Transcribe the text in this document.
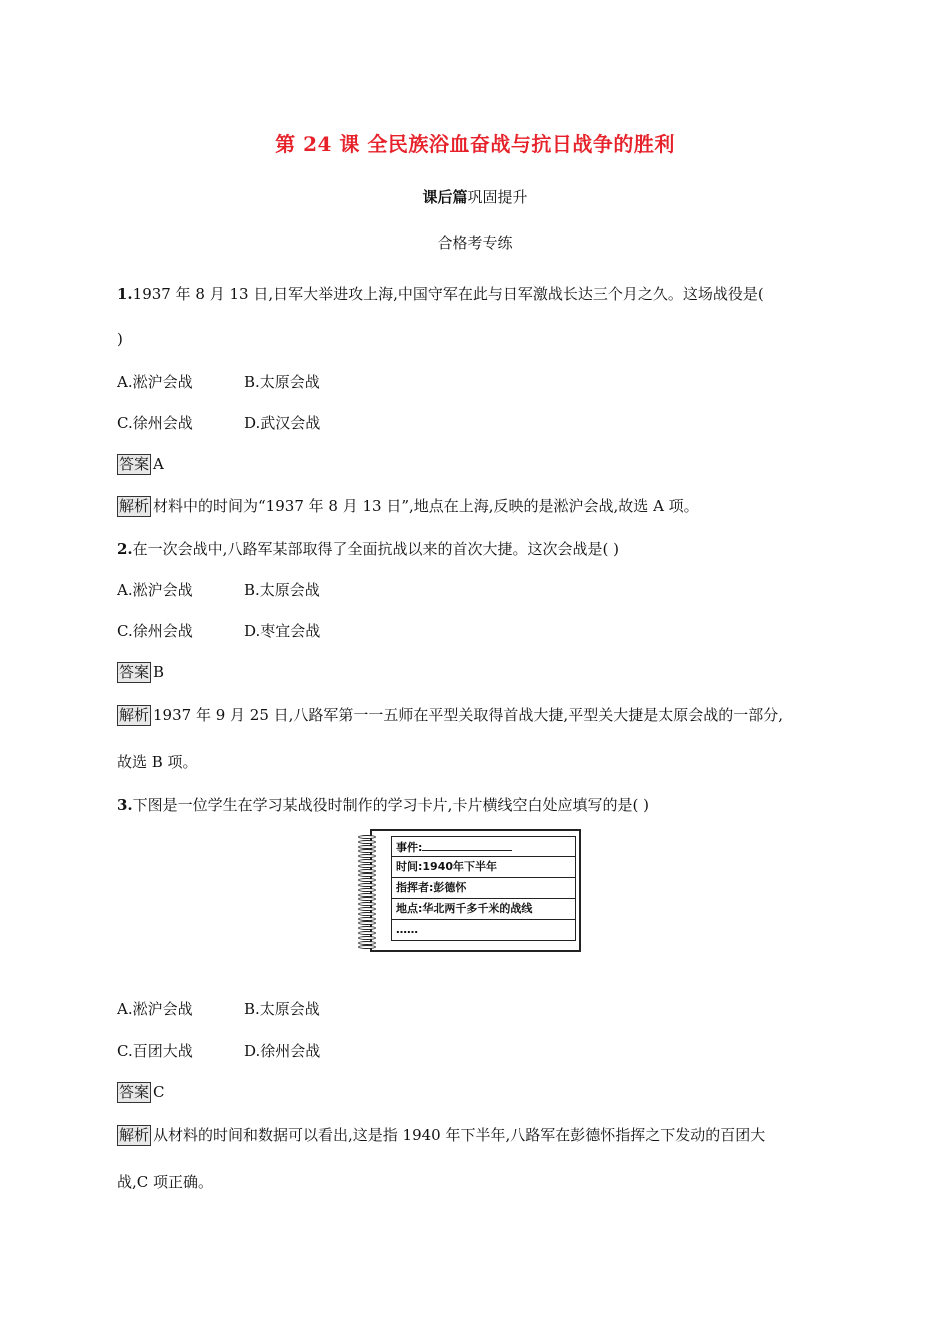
第 24 课 全民族浴血奋战与抗日战争的胜利
课后篇巩固提升
合格考专练
1.1937 年 8 月 13 日,日军大举进攻上海,中国守军在此与日军激战长达三个月之久。这场战役是(
)
A.淞沪会战	B.太原会战
C.徐州会战	D.武汉会战
答案 A
解析 材料中的时间为“1937 年 8 月 13 日”,地点在上海,反映的是淞沪会战,故选 A 项。
2.在一次会战中,八路军某部取得了全面抗战以来的首次大捷。这次会战是( )
A.淞沪会战	B.太原会战
C.徐州会战	D.枣宜会战
答案 B
解析 1937 年 9 月 25 日,八路军第一一五师在平型关取得首战大捷,平型关大捷是太原会战的一部分,
故选 B 项。
3.下图是一位学生在学习某战役时制作的学习卡片,卡片横线空白处应填写的是( )
事件:
时间:1940年下半年
指挥者:彭德怀
地点:华北两千多千米的战线
……
A.淞沪会战	B.太原会战
C.百团大战	D.徐州会战
答案 C
解析 从材料的时间和数据可以看出,这是指 1940 年下半年,八路军在彭德怀指挥之下发动的百团大
战,C 项正确。
